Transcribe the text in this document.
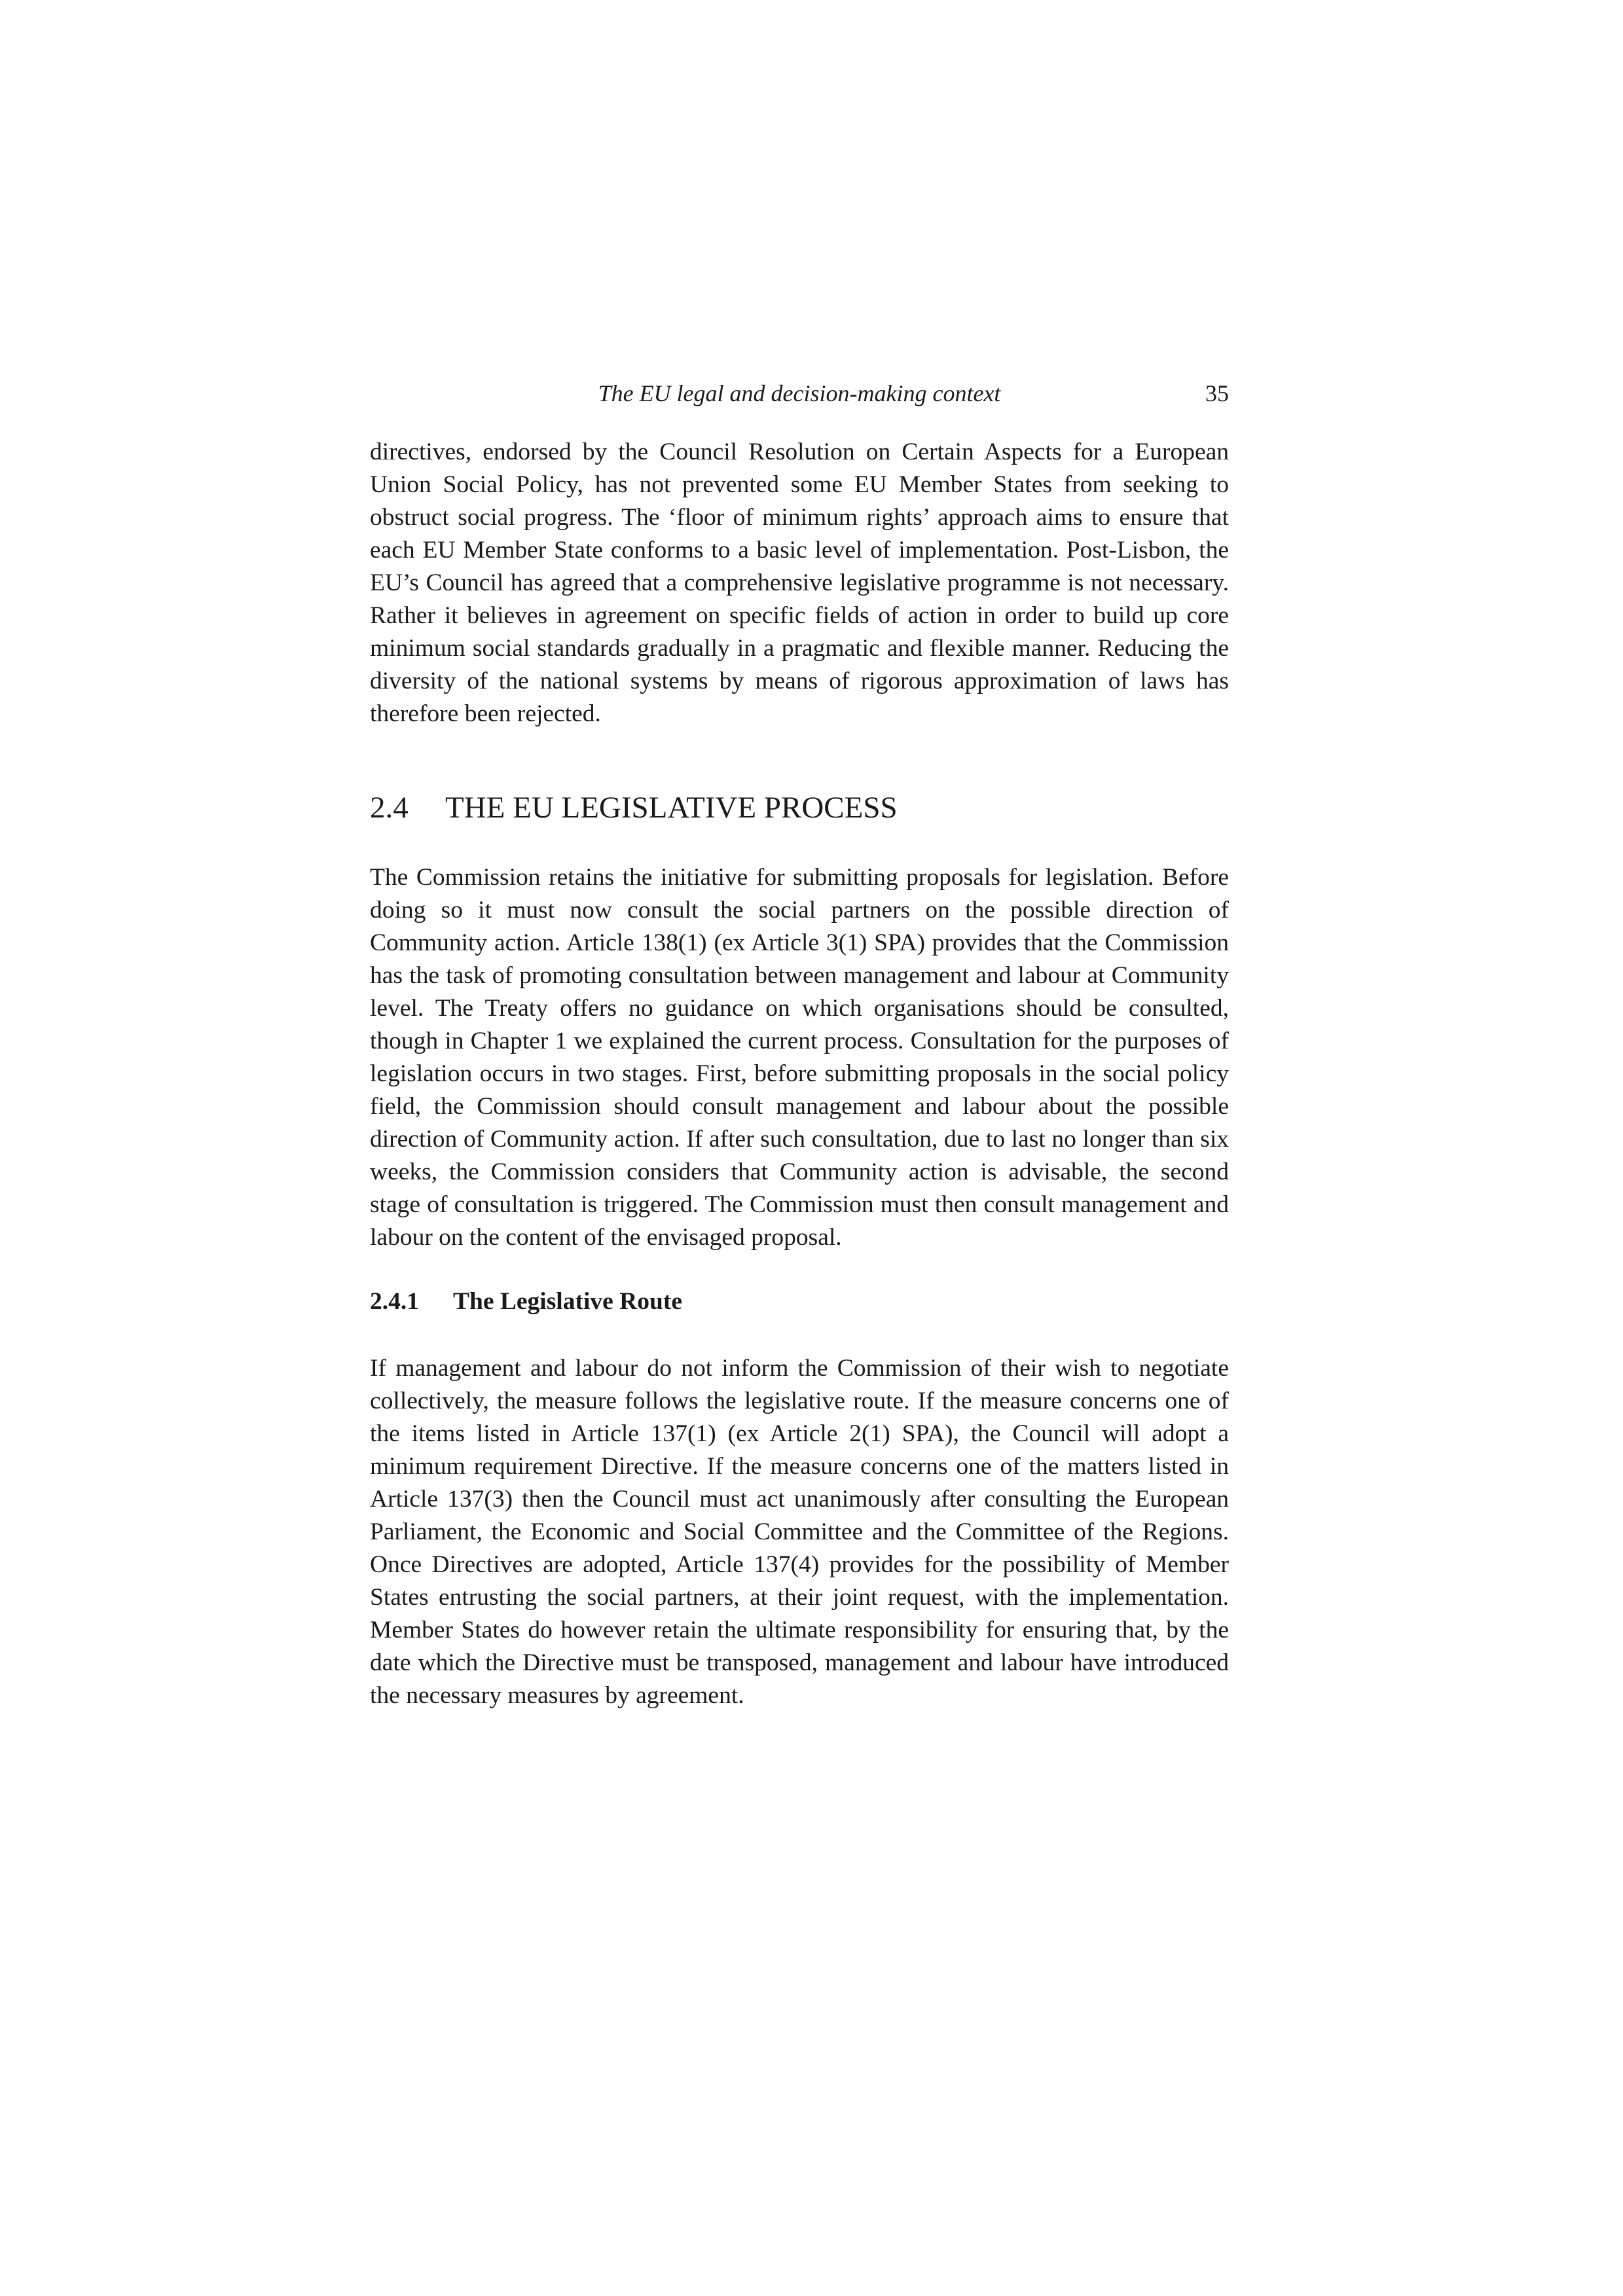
The EU legal and decision-making context	35

directives, endorsed by the Council Resolution on Certain Aspects for a European Union Social Policy, has not prevented some EU Member States from seeking to obstruct social progress. The ‘floor of minimum rights’ approach aims to ensure that each EU Member State conforms to a basic level of implementation. Post-Lisbon, the EU’s Council has agreed that a comprehensive legislative programme is not necessary. Rather it believes in agreement on specific fields of action in order to build up core minimum social standards gradually in a pragmatic and flexible manner. Reducing the diversity of the national systems by means of rigorous approximation of laws has therefore been rejected.

2.4	THE EU LEGISLATIVE PROCESS

The Commission retains the initiative for submitting proposals for legislation. Before doing so it must now consult the social partners on the possible direction of Community action. Article 138(1) (ex Article 3(1) SPA) provides that the Commission has the task of promoting consultation between management and labour at Community level. The Treaty offers no guidance on which organisations should be consulted, though in Chapter 1 we explained the current process. Consultation for the purposes of legislation occurs in two stages. First, before submitting proposals in the social policy field, the Commission should consult management and labour about the possible direction of Community action. If after such consultation, due to last no longer than six weeks, the Commission considers that Community action is advisable, the second stage of consultation is triggered. The Commission must then consult management and labour on the content of the envisaged proposal.

2.4.1	The Legislative Route

If management and labour do not inform the Commission of their wish to negotiate collectively, the measure follows the legislative route. If the measure concerns one of the items listed in Article 137(1) (ex Article 2(1) SPA), the Council will adopt a minimum requirement Directive. If the measure concerns one of the matters listed in Article 137(3) then the Council must act unanimously after consulting the European Parliament, the Economic and Social Committee and the Committee of the Regions. Once Directives are adopted, Article 137(4) provides for the possibility of Member States entrusting the social partners, at their joint request, with the implementation. Member States do however retain the ultimate responsibility for ensuring that, by the date which the Directive must be transposed, management and labour have introduced the necessary measures by agreement.
